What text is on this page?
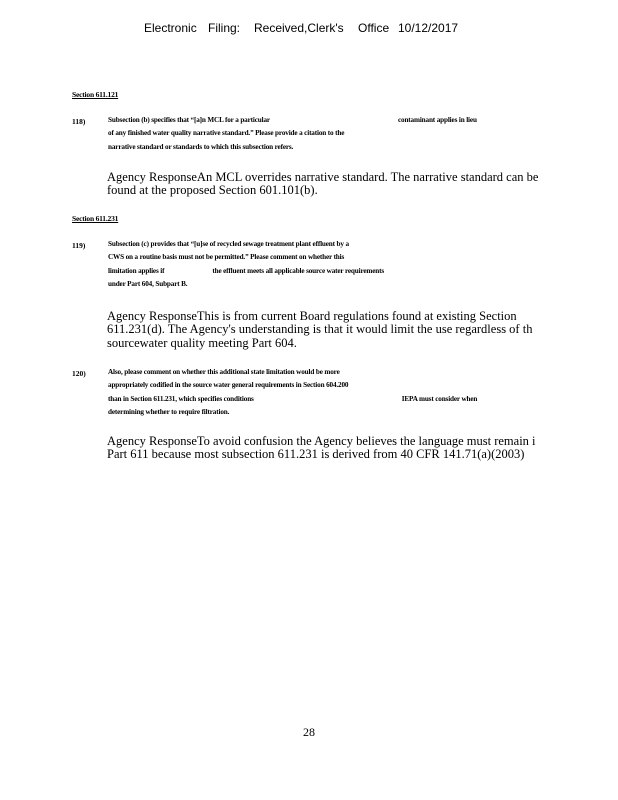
Electronic Filing: Received,Clerk's Office 10/12/2017
Section 611.121
118)	Subsection (b) specifies that “[a]n MCL for a particular	contaminant applies in lieu
of any finished water quality narrative standard.” Please provide a citation to the
narrative standard or standards to which this subsection refers.
Agency ResponseAn MCL overrides narrative standard. The narrative standard can be
found at the proposed Section 601.101(b).
Section 611.231
119)	Subsection (c) provides that “[u]se of recycled sewage treatment plant effluent by a
CWS on a routine basis must not be permitted.” Please comment on whether this
limitation applies if	the effluent meets all applicable source water requirements
under Part 604, Subpart B.
Agency ResponseThis is from current Board regulations found at existing Section
611.231(d). The Agency's understanding is that it would limit the use regardless of th
sourcewater quality meeting Part 604.
120)	Also, please comment on whether this additional state limitation would be more
appropriately codified in the source water general requirements in Section 604.200
than in Section 611.231, which specifies conditions	IEPA must consider when
determining whether to require filtration.
Agency ResponseTo avoid confusion the Agency believes the language must remain i
Part 611 because most subsection 611.231 is derived from 40 CFR 141.71(a)(2003)
28
